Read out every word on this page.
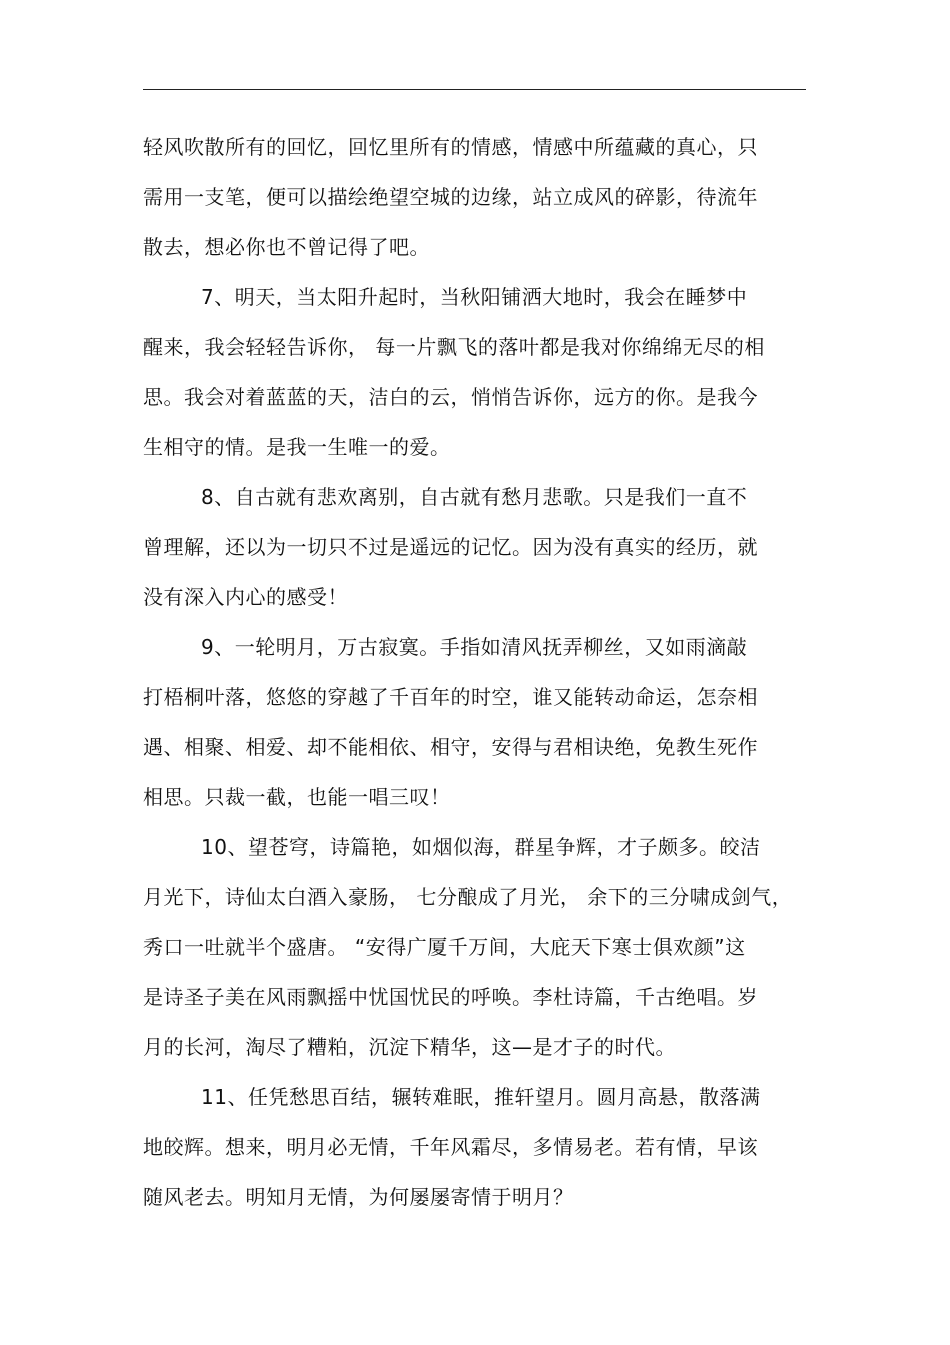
轻风吹散所有的回忆，回忆里所有的情感，情感中所蕴藏的真心，只
需用一支笔，便可以描绘绝望空城的边缘，站立成风的碎影，待流年
散去，想必你也不曾记得了吧。
7、明天，当太阳升起时，当秋阳铺洒大地时，我会在睡梦中
醒来，我会轻轻告诉你， 每一片飘飞的落叶都是我对你绵绵无尽的相
思。我会对着蓝蓝的天，洁白的云，悄悄告诉你，远方的你。是我今
生相守的情。是我一生唯一的爱。
8、自古就有悲欢离别，自古就有愁月悲歌。只是我们一直不
曾理解，还以为一切只不过是遥远的记忆。因为没有真实的经历，就
没有深入内心的感受！
9、一轮明月，万古寂寞。手指如清风抚弄柳丝，又如雨滴敲
打梧桐叶落，悠悠的穿越了千百年的时空，谁又能转动命运，怎奈相
遇、相聚、相爱、却不能相依、相守，安得与君相诀绝，免教生死作
相思。只裁一截，也能一唱三叹！
10、望苍穹，诗篇艳，如烟似海，群星争辉，才子颇多。皎洁
月光下，诗仙太白酒入豪肠， 七分酿成了月光， 余下的三分啸成剑气，
秀口一吐就半个盛唐。 “安得广厦千万间，大庇天下寒士俱欢颜”这
是诗圣子美在风雨飘摇中忧国忧民的呼唤。李杜诗篇，千古绝唱。岁
月的长河，淘尽了糟粕，沉淀下精华，这—是才子的时代。
11、任凭愁思百结，辗转难眠，推轩望月。圆月高悬，散落满
地皎辉。想来，明月必无情，千年风霜尽，多情易老。若有情，早该
随风老去。明知月无情，为何屡屡寄情于明月？
